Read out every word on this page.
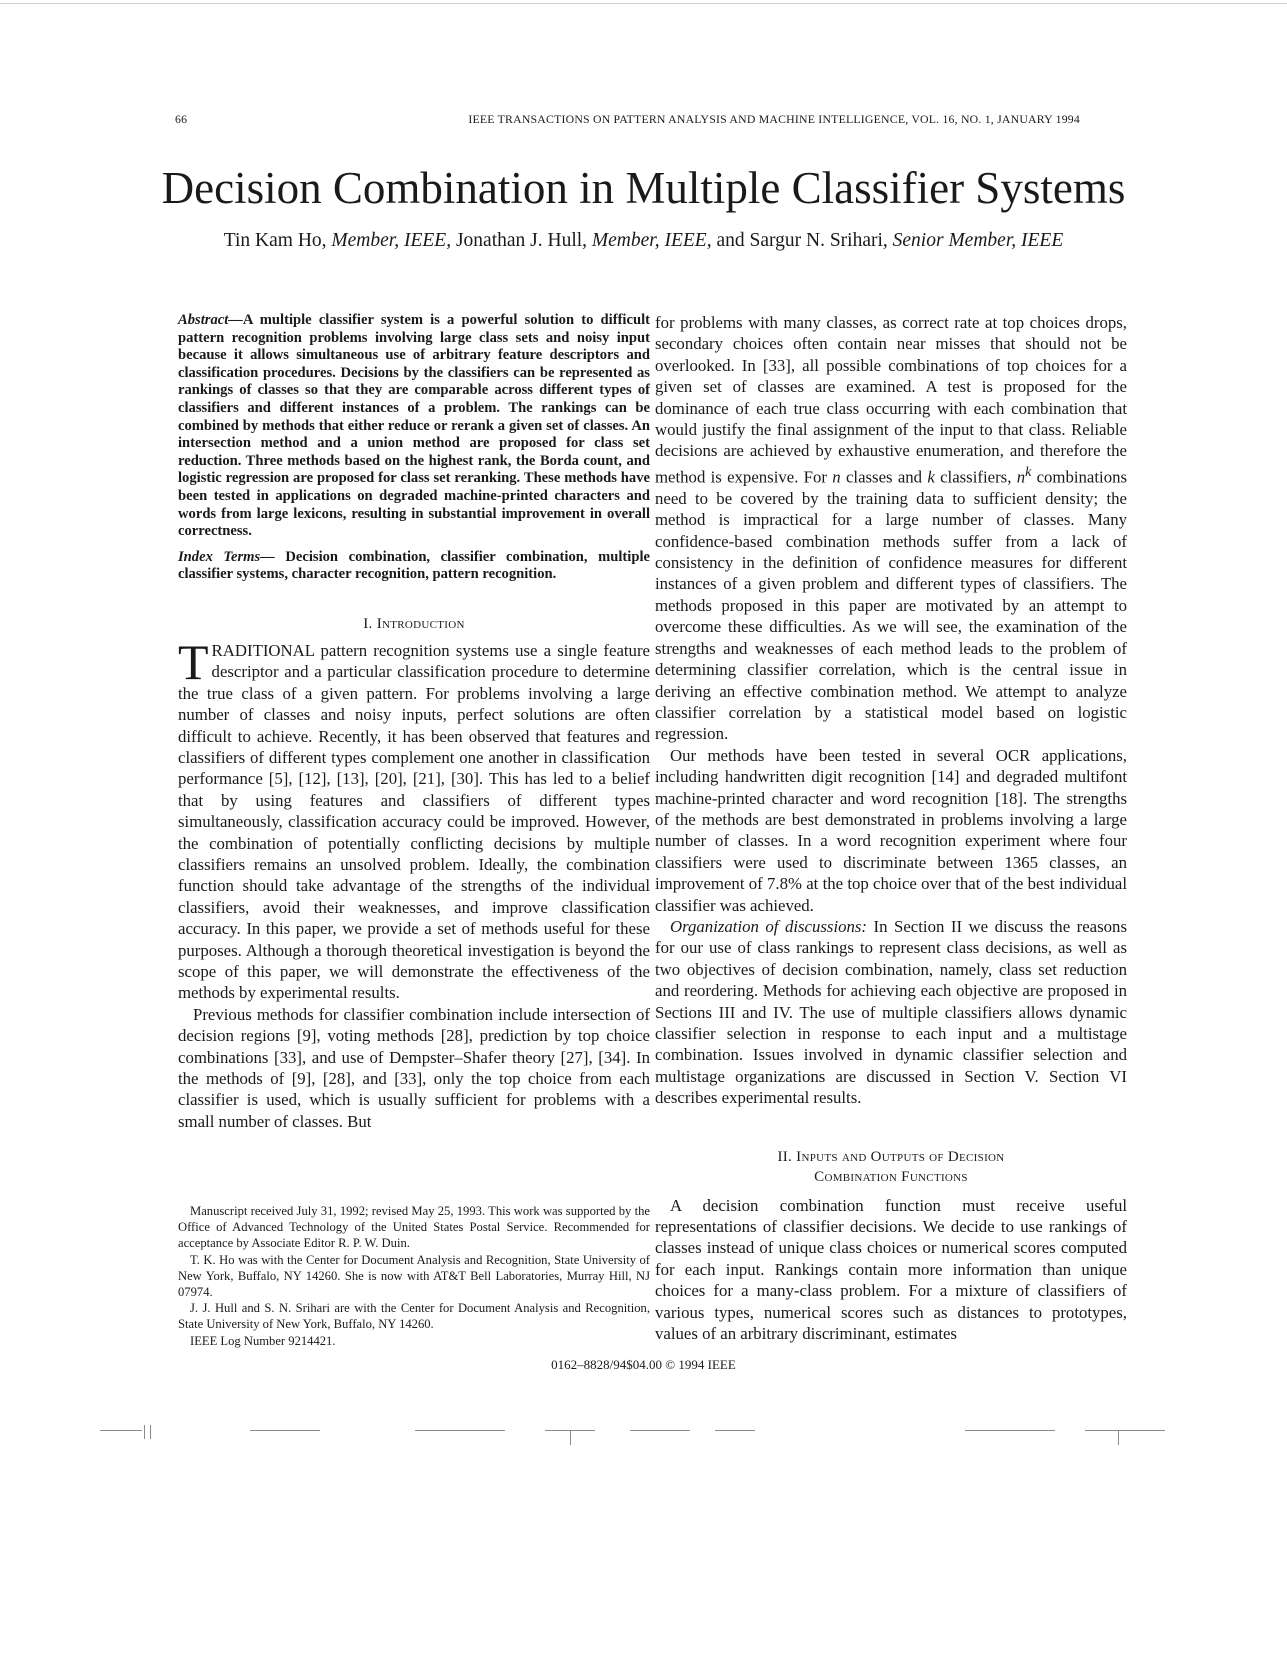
66	IEEE TRANSACTIONS ON PATTERN ANALYSIS AND MACHINE INTELLIGENCE, VOL. 16, NO. 1, JANUARY 1994
Decision Combination in Multiple Classifier Systems
Tin Kam Ho, Member, IEEE, Jonathan J. Hull, Member, IEEE, and Sargur N. Srihari, Senior Member, IEEE

Abstract—A multiple classifier system is a powerful solution to difficult pattern recognition problems involving large class sets and noisy input because it allows simultaneous use of arbitrary feature descriptors and classification procedures. Decisions by the classifiers can be represented as rankings of classes so that they are comparable across different types of classifiers and different instances of a problem. The rankings can be combined by methods that either reduce or rerank a given set of classes. An intersection method and a union method are proposed for class set reduction. Three methods based on the highest rank, the Borda count, and logistic regression are proposed for class set reranking. These methods have been tested in applications on degraded machine-printed characters and words from large lexicons, resulting in substantial improvement in overall correctness.

Index Terms— Decision combination, classifier combination, multiple classifier systems, character recognition, pattern recognition.

I. Introduction

TRADITIONAL pattern recognition systems use a single feature descriptor and a particular classification procedure to determine the true class of a given pattern. For problems involving a large number of classes and noisy inputs, perfect solutions are often difficult to achieve. Recently, it has been observed that features and classifiers of different types complement one another in classification performance [5], [12], [13], [20], [21], [30]. This has led to a belief that by using features and classifiers of different types simultaneously, classification accuracy could be improved. However, the combination of potentially conflicting decisions by multiple classifiers remains an unsolved problem. Ideally, the combination function should take advantage of the strengths of the individual classifiers, avoid their weaknesses, and improve classification accuracy. In this paper, we provide a set of methods useful for these purposes. Although a thorough theoretical investigation is beyond the scope of this paper, we will demonstrate the effectiveness of the methods by experimental results.

Previous methods for classifier combination include intersection of decision regions [9], voting methods [28], prediction by top choice combinations [33], and use of Dempster–Shafer theory [27], [34]. In the methods of [9], [28], and [33], only the top choice from each classifier is used, which is usually sufficient for problems with a small number of classes. But

for problems with many classes, as correct rate at top choices drops, secondary choices often contain near misses that should not be overlooked. In [33], all possible combinations of top choices for a given set of classes are examined. A test is proposed for the dominance of each true class occurring with each combination that would justify the final assignment of the input to that class. Reliable decisions are achieved by exhaustive enumeration, and therefore the method is expensive. For n classes and k classifiers, $n^k$ combinations need to be covered by the training data to sufficient density; the method is impractical for a large number of classes. Many confidence-based combination methods suffer from a lack of consistency in the definition of confidence measures for different instances of a given problem and different types of classifiers. The methods proposed in this paper are motivated by an attempt to overcome these difficulties. As we will see, the examination of the strengths and weaknesses of each method leads to the problem of determining classifier correlation, which is the central issue in deriving an effective combination method. We attempt to analyze classifier correlation by a statistical model based on logistic regression.

Our methods have been tested in several OCR applications, including handwritten digit recognition [14] and degraded multifont machine-printed character and word recognition [18]. The strengths of the methods are best demonstrated in problems involving a large number of classes. In a word recognition experiment where four classifiers were used to discriminate between 1365 classes, an improvement of 7.8% at the top choice over that of the best individual classifier was achieved.

Organization of discussions: In Section II we discuss the reasons for our use of class rankings to represent class decisions, as well as two objectives of decision combination, namely, class set reduction and reordering. Methods for achieving each objective are proposed in Sections III and IV. The use of multiple classifiers allows dynamic classifier selection in response to each input and a multistage combination. Issues involved in dynamic classifier selection and multistage organizations are discussed in Section V. Section VI describes experimental results.

II. Inputs and Outputs of Decision
Combination Functions

A decision combination function must receive useful representations of classifier decisions. We decide to use rankings of classes instead of unique class choices or numerical scores computed for each input. Rankings contain more information than unique choices for a many-class problem. For a mixture of classifiers of various types, numerical scores such as distances to prototypes, values of an arbitrary discriminant, estimates

Manuscript received July 31, 1992; revised May 25, 1993. This work was supported by the Office of Advanced Technology of the United States Postal Service. Recommended for acceptance by Associate Editor R. P. W. Duin.

T. K. Ho was with the Center for Document Analysis and Recognition, State University of New York, Buffalo, NY 14260. She is now with AT&T Bell Laboratories, Murray Hill, NJ 07974.

J. J. Hull and S. N. Srihari are with the Center for Document Analysis and Recognition, State University of New York, Buffalo, NY 14260.

IEEE Log Number 9214421.

0162–8828/94$04.00 © 1994 IEEE
